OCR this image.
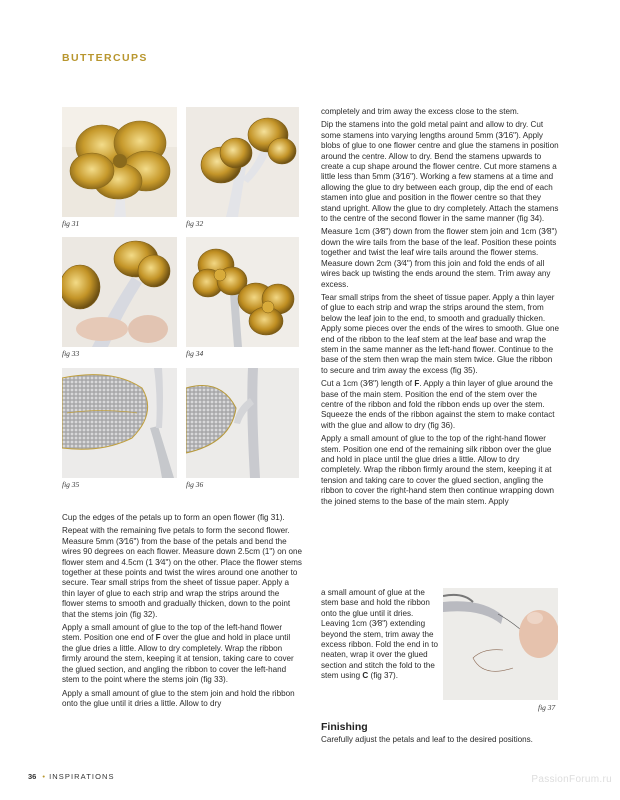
BUTTERCUPS
fig 31	fig 32
fig 33	fig 34
fig 35	fig 36

Cup the edges of the petals up to form an open flower (fig 31).

Repeat with the remaining five petals to form the second flower. Measure 5mm (3⁄16") from the base of the petals and bend the wires 90 degrees on each flower. Measure down 2.5cm (1") on one flower stem and 4.5cm (1 3⁄4") on the other. Place the flower stems together at these points and twist the wires around one another to secure. Tear small strips from the sheet of tissue paper. Apply a thin layer of glue to each strip and wrap the strips around the flower stems to smooth and gradually thicken, down to the point that the stems join (fig 32).

Apply a small amount of glue to the top of the left-hand flower stem. Position one end of F over the glue and hold in place until the glue dries a little. Allow to dry completely. Wrap the ribbon firmly around the stem, keeping it at tension, taking care to cover the glued section, and angling the ribbon to cover the left-hand stem to the point where the stems join (fig 33).

Apply a small amount of glue to the stem join and hold the ribbon onto the glue until it dries a little. Allow to dry

completely and trim away the excess close to the stem.

Dip the stamens into the gold metal paint and allow to dry. Cut some stamens into varying lengths around 5mm (3⁄16"). Apply blobs of glue to one flower centre and glue the stamens in position around the centre. Allow to dry. Bend the stamens upwards to create a cup shape around the flower centre. Cut more stamens a little less than 5mm (3⁄16"). Working a few stamens at a time and allowing the glue to dry between each group, dip the end of each stamen into glue and position in the flower centre so that they stand upright. Allow the glue to dry completely. Attach the stamens to the centre of the second flower in the same manner (fig 34).

Measure 1cm (3⁄8") down from the flower stem join and 1cm (3⁄8") down the wire tails from the base of the leaf. Position these points together and twist the leaf wire tails around the flower stems. Measure down 2cm (3⁄4") from this join and fold the ends of all wires back up twisting the ends around the stem. Trim away any excess.

Tear small strips from the sheet of tissue paper. Apply a thin layer of glue to each strip and wrap the strips around the stem, from below the leaf join to the end, to smooth and gradually thicken. Apply some pieces over the ends of the wires to smooth. Glue one end of the ribbon to the leaf stem at the leaf base and wrap the stem in the same manner as the left-hand flower. Continue to the base of the stem then wrap the main stem twice. Glue the ribbon to secure and trim away the excess (fig 35).

Cut a 1cm (3⁄8") length of F. Apply a thin layer of glue around the base of the main stem. Position the end of the stem over the centre of the ribbon and fold the ribbon ends up over the stem. Squeeze the ends of the ribbon against the stem to make contact with the glue and allow to dry (fig 36).

Apply a small amount of glue to the top of the right-hand flower stem. Position one end of the remaining silk ribbon over the glue and hold in place until the glue dries a little. Allow to dry completely. Wrap the ribbon firmly around the stem, keeping it at tension and taking care to cover the glued section, angling the ribbon to cover the right-hand stem then continue wrapping down the joined stems to the base of the main stem. Apply

a small amount of glue at the stem base and hold the ribbon onto the glue until it dries. Leaving 1cm (3⁄8") extending beyond the stem, trim away the excess ribbon. Fold the end in to neaten, wrap it over the glued section and stitch the fold to the stem using C (fig 37).

fig 37
Finishing

Carefully adjust the petals and leaf to the desired positions.

36 • INSPIRATIONS	PassionForum.ru
